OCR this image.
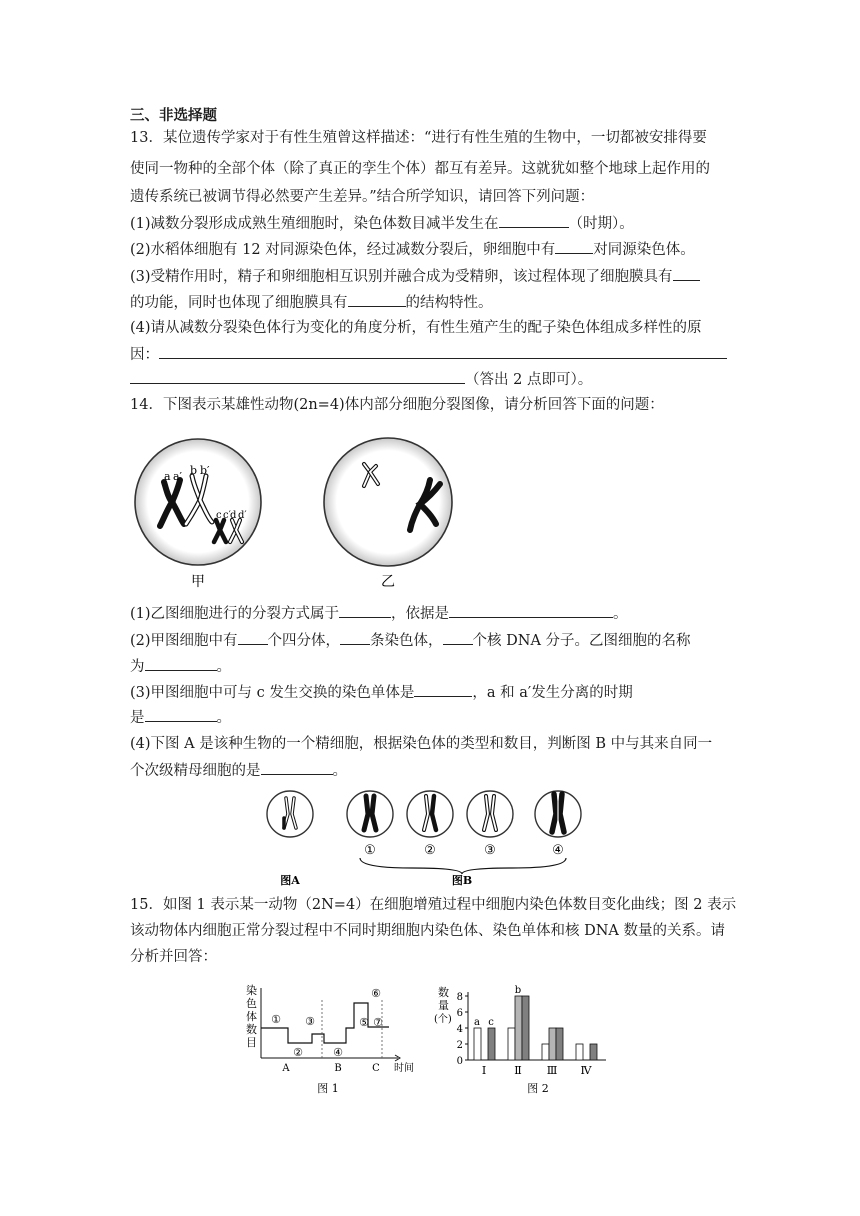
三、非选择题
13．某位遗传学家对于有性生殖曾这样描述：“进行有性生殖的生物中，一切都被安排得要
使同一物种的全部个体（除了真正的孪生个体）都互有差异。这就犹如整个地球上起作用的
遗传系统已被调节得必然要产生差异。”结合所学知识，请回答下列问题：
(1)减数分裂形成成熟生殖细胞时，染色体数目减半发生在	（时期）。
(2)水稻体细胞有 12 对同源染色体，经过减数分裂后，卵细胞中有	对同源染色体。
(3)受精作用时，精子和卵细胞相互识别并融合成为受精卵，该过程体现了细胞膜具有
的功能，同时也体现了细胞膜具有	的结构特性。
(4)请从减数分裂染色体行为变化的角度分析，有性生殖产生的配子染色体组成多样性的原
因：
（答出 2 点即可）。
14．下图表示某雄性动物(2n=4)体内部分细胞分裂图像，请分析回答下面的问题：
a a′ b b′
c c′ d d′
甲	乙
(1)乙图细胞进行的分裂方式属于	，依据是	。
(2)甲图细胞中有 个四分体， 条染色体， 个核 DNA 分子。乙图细胞的名称
为	。
(3)甲图细胞中可与 c 发生交换的染色单体是	，a 和 a′发生分离的时期
是	。
(4)下图 A 是该种生物的一个精细胞，根据染色体的类型和数目，判断图 B 中与其来自同一
个次级精母细胞的是	。
①	②	③	④
图A	图B
15．如图 1 表示某一动物（2N=4）在细胞增殖过程中细胞内染色体数目变化曲线；图 2 表示
该动物体内细胞正常分裂过程中不同时期细胞内染色体、染色单体和核 DNA 数量的关系。请
分析并回答：
染
色
体
数
目
①
②
③
④
⑤
⑥
⑦
A	B	C 时间
图 1
数
量
(个)
0
2
4
6
8
Ⅰ	Ⅱ Ⅲ Ⅳ
a c
b
图 2
